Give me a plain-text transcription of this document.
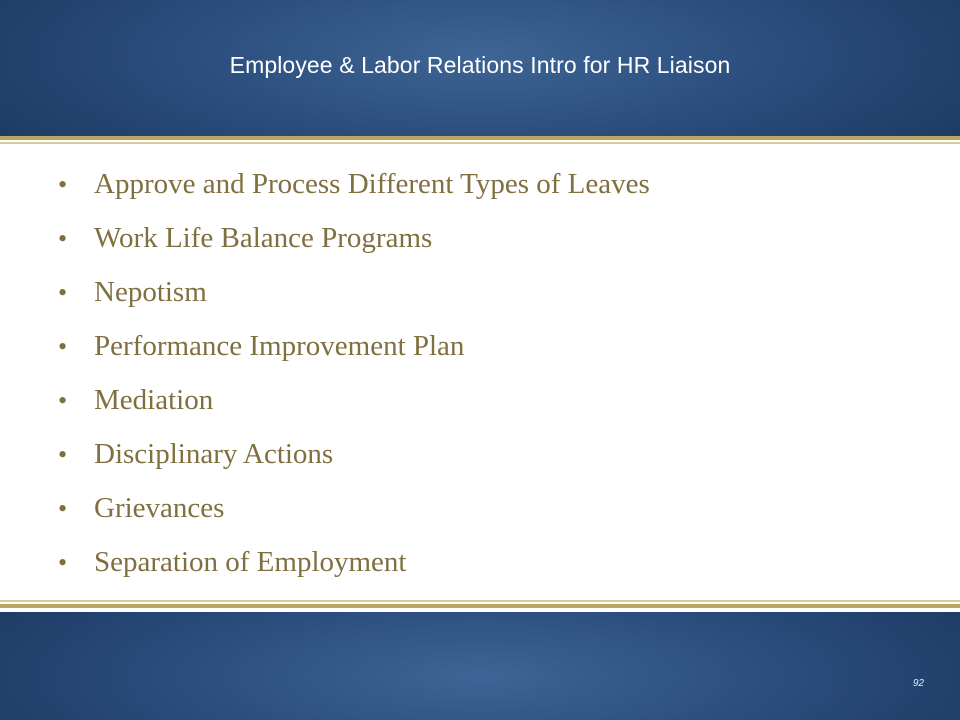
Employee & Labor Relations Intro for HR Liaison
• Approve and Process Different Types of Leaves
• Work Life Balance Programs
• Nepotism
• Performance Improvement Plan
• Mediation
• Disciplinary Actions
• Grievances
• Separation of Employment
92
